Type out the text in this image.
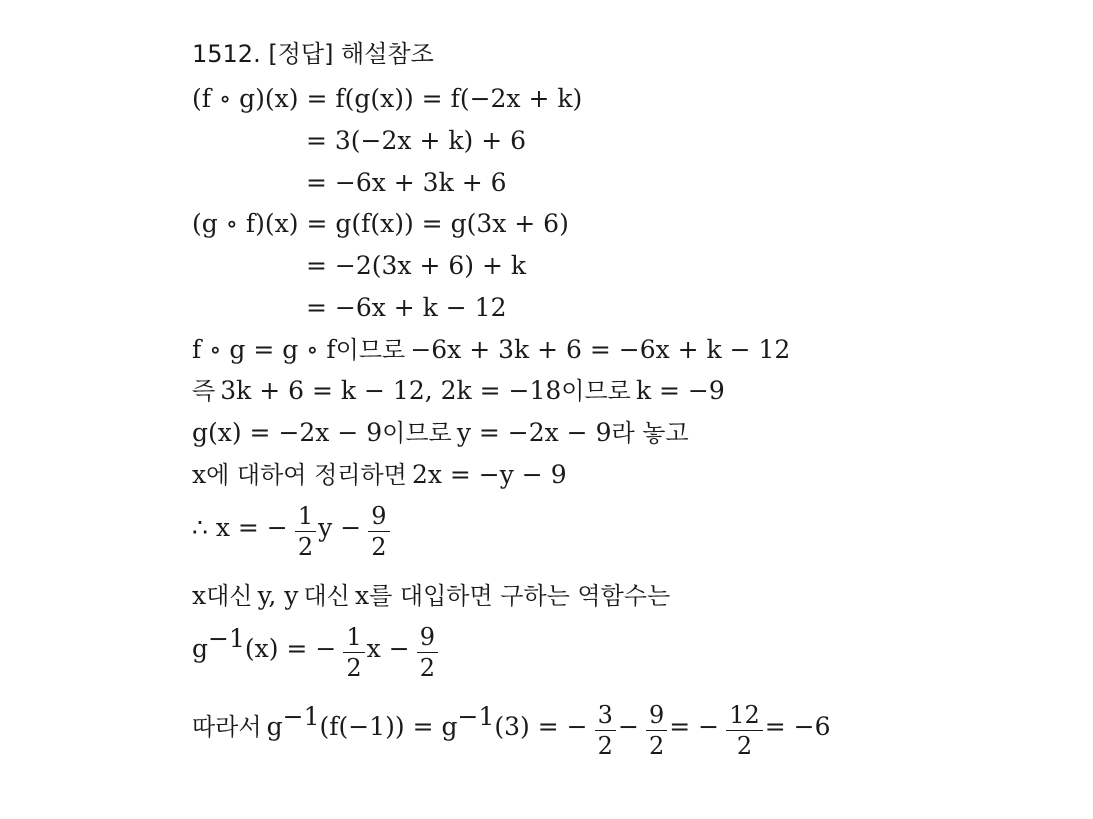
1512. [정답] 해설참조
(f ∘ g)(x) = f(g(x)) = f(−2x + k)
= 3(−2x + k) + 6
= −6x + 3k + 6
(g ∘ f)(x) = g(f(x)) = g(3x + 6)
= −2(3x + 6) + k
= −6x + k − 12
f ∘ g = g ∘ f이므로 −6x + 3k + 6 = −6x + k − 12
즉 3k + 6 = k − 12, 2k = −18이므로 k = −9
g(x) = −2x − 9이므로 y = −2x − 9라 놓고
x에 대하여 정리하면 2x = −y − 9
∴ x = − $\frac{1}{2}$ $y - \frac{9}{2}$
x대신 y, y 대신 x를 대입하면 구하는 역함수는
$g^{-1}(x)$ = − $\frac{1}{2}$ $x - \frac{9}{2}$
따라서 $g^{-1}(f(-1)) = g^{-1}(3)$ = − $\frac{3}{2} - \frac{9}{2}$ = − $\frac{12}{2} = -6$
